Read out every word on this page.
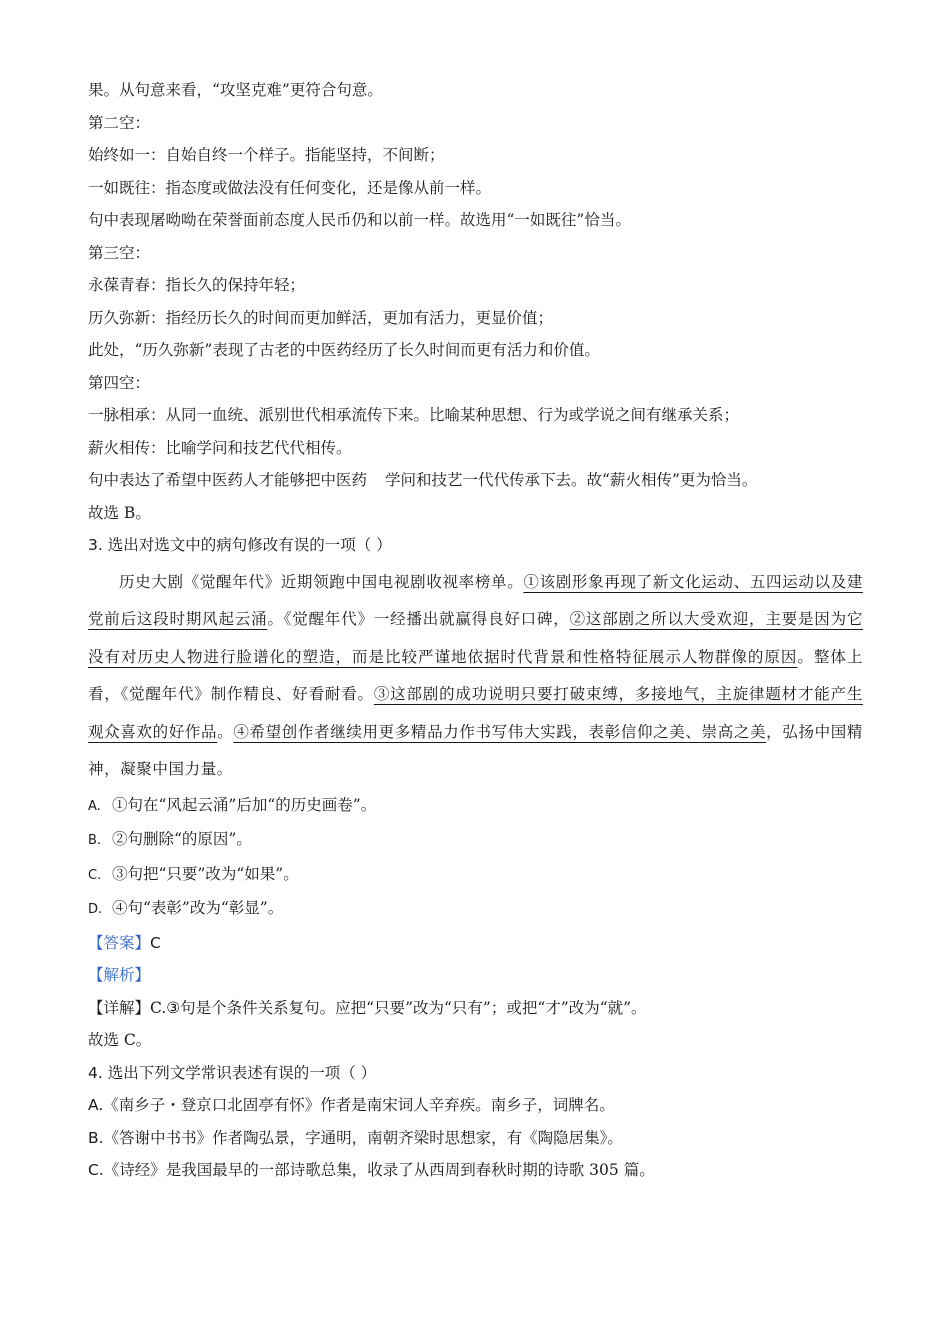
果。从句意来看，“攻坚克难”更符合句意。

第二空：

始终如一：自始自终一个样子。指能坚持，不间断；

一如既往：指态度或做法没有任何变化，还是像从前一样。

句中表现屠呦呦在荣誉面前态度人民币仍和以前一样。故选用“一如既往”恰当。

第三空：

永葆青春：指长久的保持年轻；

历久弥新：指经历长久的时间而更加鲜活，更加有活力，更显价值；

此处，“历久弥新”表现了古老的中医药经历了长久时间而更有活力和价值。

第四空：

一脉相承：从同一血统、派别世代相承流传下来。比喻某种思想、行为或学说之间有继承关系；

薪火相传：比喻学问和技艺代代相传。

句中表达了希望中医药人才能够把中医药 学问和技艺一代代传承下去。故“薪火相传”更为恰当。

故选 B。

3. 选出对选文中的病句修改有误的一项（ ）

历史大剧《觉醒年代》近期领跑中国电视剧收视率榜单。①该剧形象再现了新文化运动、五四运动以及建党前后这段时期风起云涌。《觉醒年代》一经播出就赢得良好口碑，②这部剧之所以大受欢迎，主要是因为它没有对历史人物进行脸谱化的塑造，而是比较严谨地依据时代背景和性格特征展示人物群像的原因。整体上看，《觉醒年代》制作精良、好看耐看。③这部剧的成功说明只要打破束缚，多接地气，主旋律题材才能产生观众喜欢的好作品。④希望创作者继续用更多精品力作书写伟大实践，表彰信仰之美、崇高之美，弘扬中国精神，凝聚中国力量。

A. ①句在“风起云涌”后加“的历史画卷”。

B. ②句删除“的原因”。

C. ③句把“只要”改为“如果”。

D. ④句“表彰”改为“彰显”。

【答案】C

【解析】

【详解】C.③句是个条件关系复句。应把“只要”改为“只有”；或把“才”改为“就”。

故选 C。

4. 选出下列文学常识表述有误的一项（ ）

A.《南乡子・登京口北固亭有怀》作者是南宋词人辛弃疾。南乡子，词牌名。

B.《答谢中书书》作者陶弘景，字通明，南朝齐梁时思想家，有《陶隐居集》。

C.《诗经》是我国最早的一部诗歌总集，收录了从西周到春秋时期的诗歌 305 篇。
